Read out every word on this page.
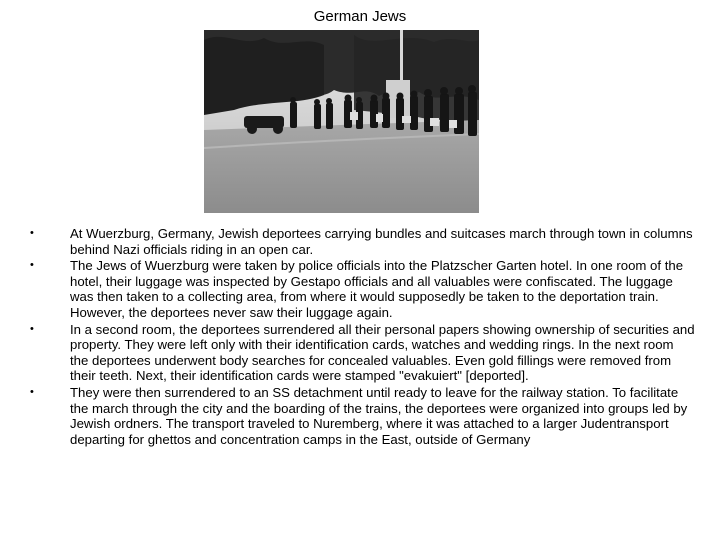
German Jews
•	At Wuerzburg, Germany, Jewish deportees carrying bundles and suitcases march through town in columns behind Nazi officials riding in an open car.
•	The Jews of Wuerzburg were taken by police officials into the Platzscher Garten hotel. In one room of the hotel, their luggage was inspected by Gestapo officials and all valuables were confiscated. The luggage was then taken to a collecting area, from where it would supposedly be taken to the deportation train. However, the deportees never saw their luggage again.
•	In a second room, the deportees surrendered all their personal papers showing ownership of securities and property. They were left only with their identification cards, watches and wedding rings. In the next room the deportees underwent body searches for concealed valuables. Even gold fillings were removed from their teeth. Next, their identification cards were stamped "evakuiert" [deported].
•	They were then surrendered to an SS detachment until ready to leave for the railway station. To facilitate the march through the city and the boarding of the trains, the deportees were organized into groups led by Jewish ordners. The transport traveled to Nuremberg, where it was attached to a larger Judentransport departing for ghettos and concentration camps in the East, outside of Germany
